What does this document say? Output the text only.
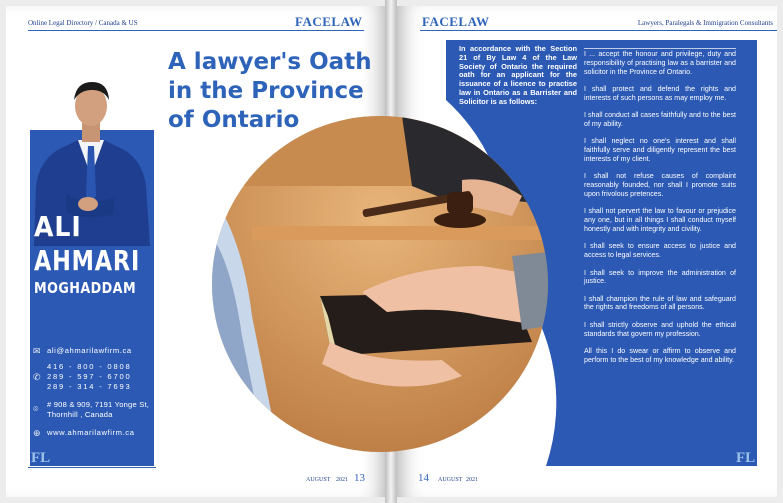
Online Legal Directory / Canada & US	FACELAW	FACELAW	Lawyers, Paralegals & Immigration Consultants
A lawyer's Oath
in the Province
of Ontario
ALI
AHMARI
MOGHADDAM
✉ ali@ahmarilawfirm.ca
✆
416 - 800 - 0808
289 - 597 - 6700
289 - 314 - 7693
⌾	# 908 & 909, 7191 Yonge St,
Thornhill , Canada
⊕ www.ahmarilawfirm.ca
In accordance with the Section 21 of By Law 4 of the Law Society of Ontario the required oath for an applicant for the issuance of a licence to practise law in Ontario as a Barrister and Solicitor is as follows:

I ... accept the honour and privilege, duty and responsibility of practising law as a barrister and solicitor in the Province of Ontario.

I shall protect and defend the rights and interests of such persons as may employ me.

I shall conduct all cases faithfully and to the best of my ability.

I shall neglect no one's interest and shall faithfully serve and diligently represent the best interests of my client.

I shall not refuse causes of complaint reasonably founded, nor shall I promote suits upon frivolous pretences.

I shall not pervert the law to favour or prejudice any one, but in all things I shall conduct myself honestly and with integrity and civility.

I shall seek to ensure access to justice and access to legal services.

I shall seek to improve the administration of justice.

I shall champion the rule of law and safeguard the rights and freedoms of all persons.

I shall strictly observe and uphold the ethical standards that govern my profession.

All this I do swear or affirm to observe and perform to the best of my knowledge and ability.

FL
AUGUST 2021 13	14 AUGUST 2021
FL
